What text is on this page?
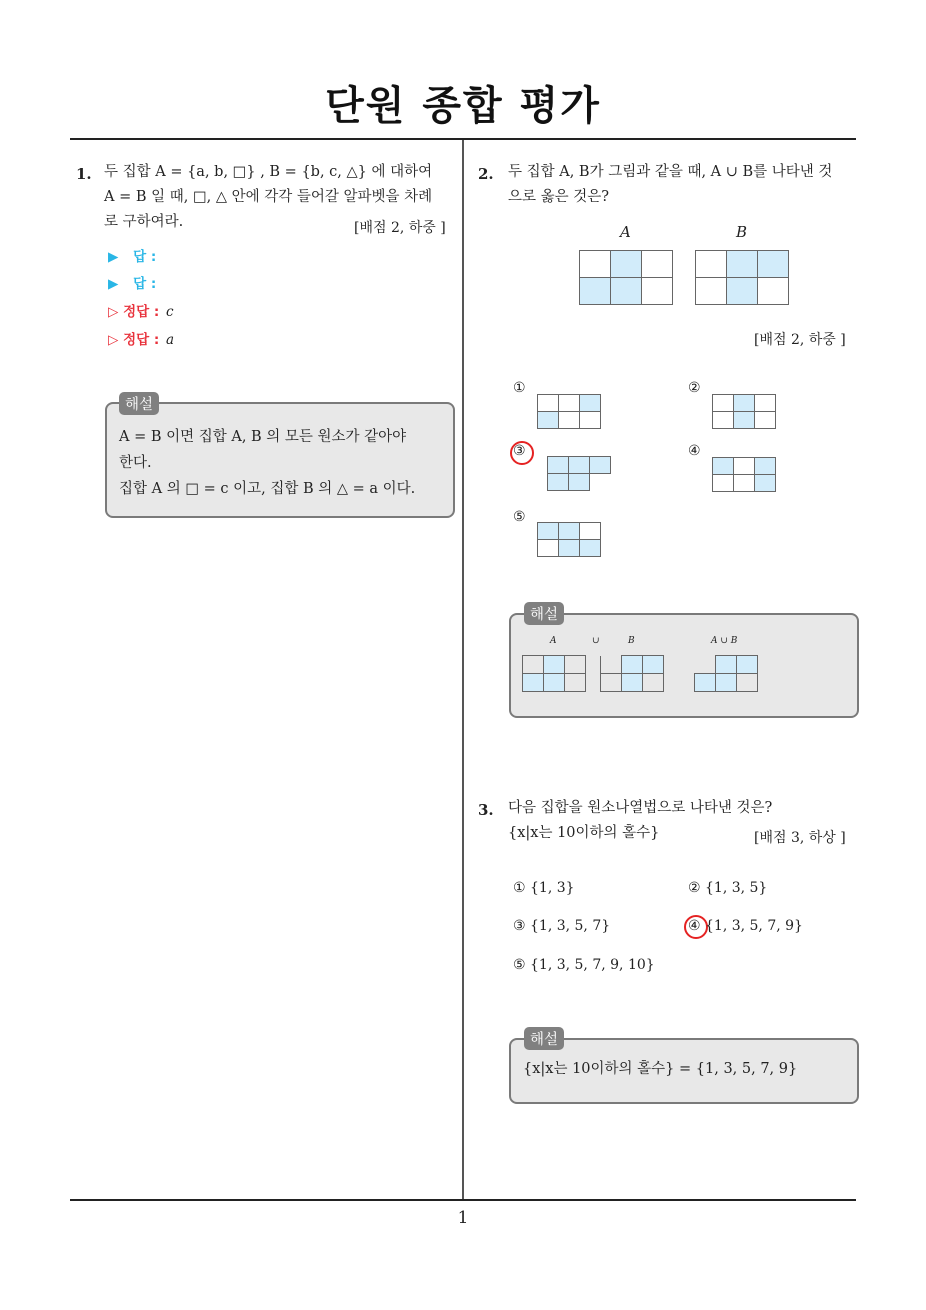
단원 종합 평가
1. 두 집합 A = {a, b, □} , B = {b, c, △} 에 대하여
A = B 일 때, □, △ 안에 각각 들어갈 알파벳을 차례
로 구하여라.	[배점 2, 하중 ]
▶ 답 :
▶ 답 :
▷ 정답 : c
▷ 정답 : a
A = B 이면 집합 A, B 의 모든 원소가 같아야
한다.
집합 A 의 □ = c 이고, 집합 B 의 △ = a 이다.
해설
2. 두 집합 A, B가 그림과 같을 때, A ∪ B를 나타낸 것
으로 옳은 것은?
A	B

[배점 2, 하중 ]
①

			②

③

			④

⑤

해설
A	∪	B	A ∪ B

3. 다음 집합을 원소나열법으로 나타낸 것은?
{x|x는 10이하의 홀수}	[배점 3, 하상 ]
① {1, 3}	② {1, 3, 5}
③ {1, 3, 5, 7}	④ {1, 3, 5, 7, 9}
⑤ {1, 3, 5, 7, 9, 10}
{x|x는 10이하의 홀수} = {1, 3, 5, 7, 9}
해설
1
